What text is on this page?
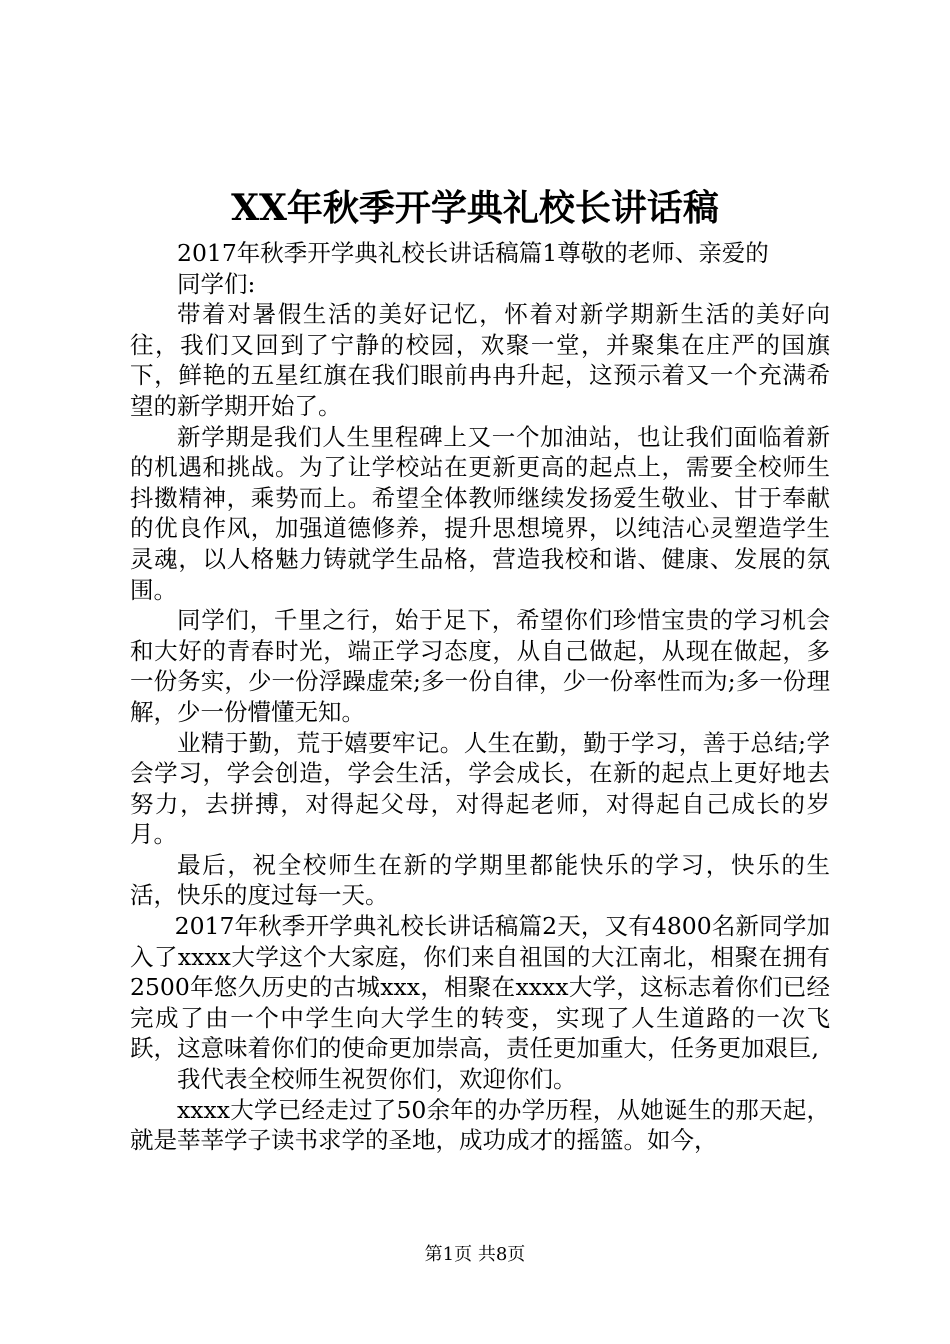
XX年秋季开学典礼校长讲话稿

2017年秋季开学典礼校长讲话稿篇1尊敬的老师、亲爱的

同学们:

带着对暑假生活的美好记忆，怀着对新学期新生活的美好向往，我们又回到了宁静的校园，欢聚一堂，并聚集在庄严的国旗下，鲜艳的五星红旗在我们眼前冉冉升起，这预示着又一个充满希望的新学期开始了。

新学期是我们人生里程碑上又一个加油站，也让我们面临着新的机遇和挑战。为了让学校站在更新更高的起点上，需要全校师生抖擞精神，乘势而上。希望全体教师继续发扬爱生敬业、甘于奉献的优良作风，加强道德修养，提升思想境界，以纯洁心灵塑造学生灵魂，以人格魅力铸就学生品格，营造我校和谐、健康、发展的氛围。

同学们，千里之行，始于足下，希望你们珍惜宝贵的学习机会和大好的青春时光，端正学习态度，从自己做起，从现在做起，多一份务实，少一份浮躁虚荣;多一份自律，少一份率性而为;多一份理解，少一份懵懂无知。

业精于勤，荒于嬉要牢记。人生在勤，勤于学习，善于总结;学会学习，学会创造，学会生活，学会成长，在新的起点上更好地去努力，去拼搏，对得起父母，对得起老师，对得起自己成长的岁月。

最后，祝全校师生在新的学期里都能快乐的学习，快乐的生活，快乐的度过每一天。

2017年秋季开学典礼校长讲话稿篇2天，又有4800名新同学加入了xxxx大学这个大家庭，你们来自祖国的大江南北，相聚在拥有2500年悠久历史的古城xxx，相聚在xxxx大学，这标志着你们已经完成了由一个中学生向大学生的转变，实现了人生道路的一次飞跃，这意味着你们的使命更加崇高，责任更加重大，任务更加艰巨,

我代表全校师生祝贺你们，欢迎你们。

xxxx大学已经走过了50余年的办学历程，从她诞生的那天起，就是莘莘学子读书求学的圣地，成功成才的摇篮。如今，

第1页 共8页
